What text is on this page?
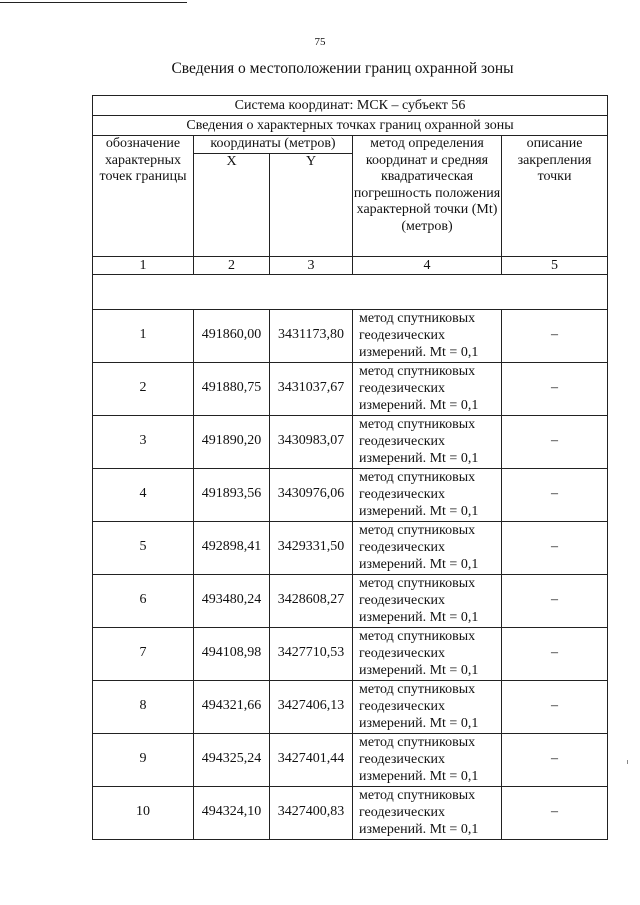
75
Сведения о местоположении границ охранной зоны
Система координат: МСК – субъект 56				
Сведения о характерных точках границ охранной зоны				
обозначение характерных точек границы	координаты (метров)		метод определения координат и средняя квадратическая погрешность положения характерной точки (Mt) (метров)	описание закрепления точки
	X	Y		
1	2	3	4	5

1	491860,00	3431173,80	метод спутниковых геодезических измерений. Mt = 0,1	–
2	491880,75	3431037,67	метод спутниковых геодезических измерений. Mt = 0,1	–
3	491890,20	3430983,07	метод спутниковых геодезических измерений. Mt = 0,1	–
4	491893,56	3430976,06	метод спутниковых геодезических измерений. Mt = 0,1	–
5	492898,41	3429331,50	метод спутниковых геодезических измерений. Mt = 0,1	–
6	493480,24	3428608,27	метод спутниковых геодезических измерений. Mt = 0,1	–
7	494108,98	3427710,53	метод спутниковых геодезических измерений. Mt = 0,1	–
8	494321,66	3427406,13	метод спутниковых геодезических измерений. Mt = 0,1	–
9	494325,24	3427401,44	метод спутниковых геодезических измерений. Mt = 0,1	–
10	494324,10	3427400,83	метод спутниковых геодезических измерений. Mt = 0,1	–
